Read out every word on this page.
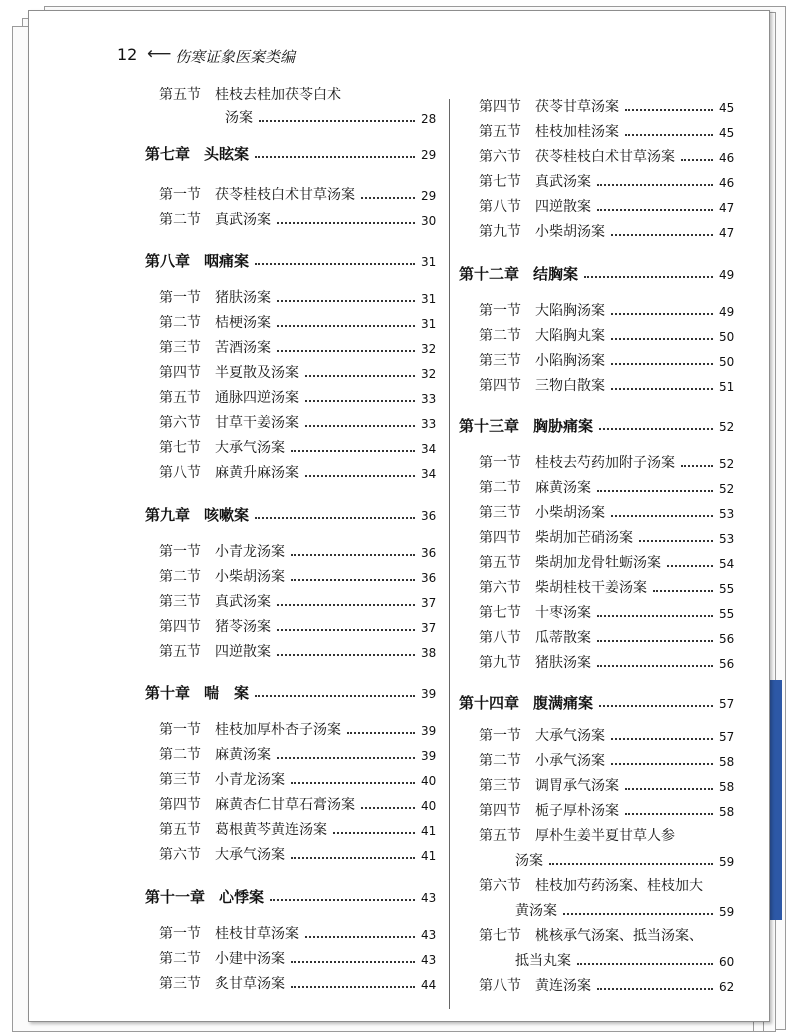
12 ⟵ 伤寒证象医案类编
第五节 桂枝去桂加茯苓白术
汤案	28
第七章 头眩案	29
第一节 茯苓桂枝白术甘草汤案	29
第二节 真武汤案	30
第八章 咽痛案	31
第一节 猪肤汤案	31
第二节 桔梗汤案	31
第三节 苦酒汤案	32
第四节 半夏散及汤案	32
第五节 通脉四逆汤案	33
第六节 甘草干姜汤案	33
第七节 大承气汤案	34
第八节 麻黄升麻汤案	34
第九章 咳嗽案	36
第一节 小青龙汤案	36
第二节 小柴胡汤案	36
第三节 真武汤案	37
第四节 猪苓汤案	37
第五节 四逆散案	38
第十章 喘　案	39
第一节 桂枝加厚朴杏子汤案	39
第二节 麻黄汤案	39
第三节 小青龙汤案	40
第四节 麻黄杏仁甘草石膏汤案	40
第五节 葛根黄芩黄连汤案	41
第六节 大承气汤案	41
第十一章 心悸案	43
第一节 桂枝甘草汤案	43
第二节 小建中汤案	43
第三节 炙甘草汤案	44
第四节 茯苓甘草汤案	45
第五节 桂枝加桂汤案	45
第六节 茯苓桂枝白术甘草汤案	46
第七节 真武汤案	46
第八节 四逆散案	47
第九节 小柴胡汤案	47
第十二章 结胸案	49
第一节 大陷胸汤案	49
第二节 大陷胸丸案	50
第三节 小陷胸汤案	50
第四节 三物白散案	51
第十三章 胸胁痛案	52
第一节 桂枝去芍药加附子汤案	52
第二节 麻黄汤案	52
第三节 小柴胡汤案	53
第四节 柴胡加芒硝汤案	53
第五节 柴胡加龙骨牡蛎汤案	54
第六节 柴胡桂枝干姜汤案	55
第七节 十枣汤案	55
第八节 瓜蒂散案	56
第九节 猪肤汤案	56
第十四章 腹满痛案	57
第一节 大承气汤案	57
第二节 小承气汤案	58
第三节 调胃承气汤案	58
第四节 栀子厚朴汤案	58
第五节 厚朴生姜半夏甘草人参
汤案	59
第六节 桂枝加芍药汤案、桂枝加大
黄汤案	59
第七节 桃核承气汤案、抵当汤案、
抵当丸案	60
第八节 黄连汤案	62
